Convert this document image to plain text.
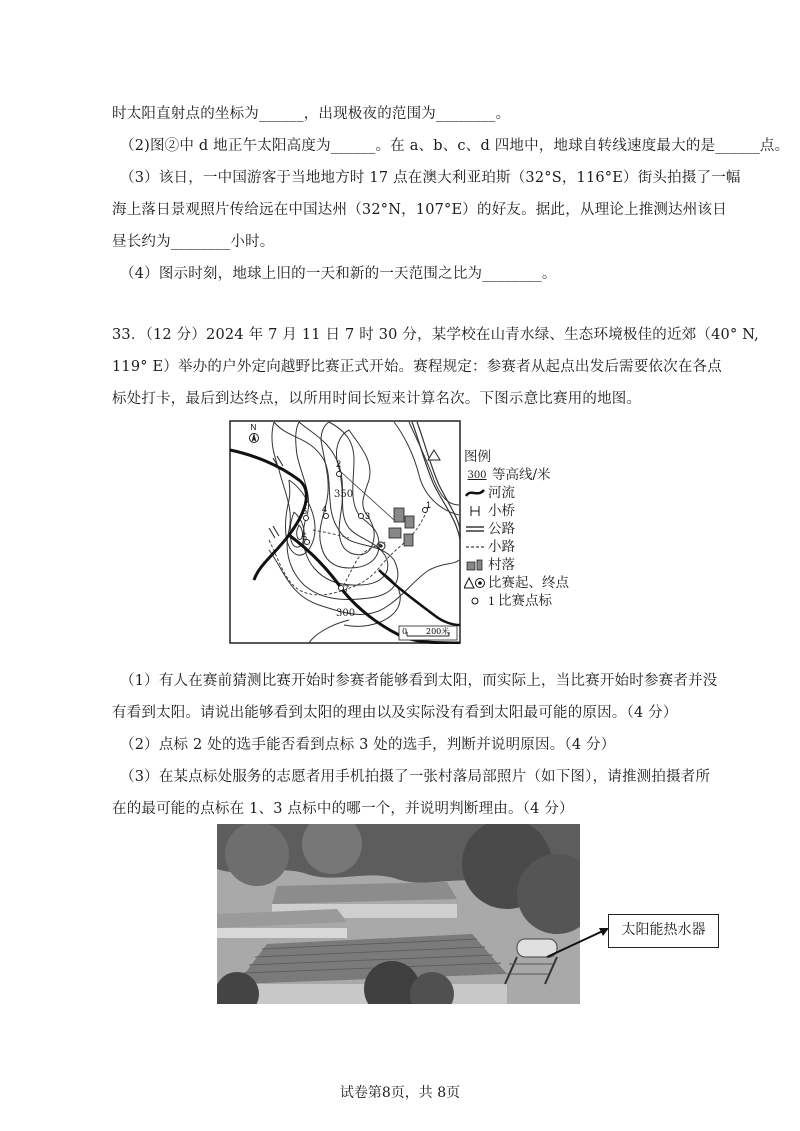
时太阳直射点的坐标为______，出现极夜的范围为________。
（2)图②中 d 地正午太阳高度为______。在 a、b、c、d 四地中，地球自转线速度最大的是______点。
（3）该日，一中国游客于当地地方时 17 点在澳大利亚珀斯（32°S，116°E）街头拍摄了一幅
海上落日景观照片传给远在中国达州（32°N，107°E）的好友。据此，从理论上推测达州该日
昼长约为________小时。
（4）图示时刻，地球上旧的一天和新的一天范围之比为________。
33．（12 分）2024 年 7 月 11 日 7 时 30 分，某学校在山青水绿、生态环境极佳的近郊（40° N,
119° E）举办的户外定向越野比赛正式开始。赛程规定：参赛者从起点出发后需要依次在各点
标处打卡，最后到达终点，以所用时间长短来计算名次。下图示意比赛用的地图。
N
350
300
1
2
3
4
5
6
7
0 200米
图例
300 等高线/米
河流
小桥
公路
小路
村落
比赛起、终点
1 比赛点标
（1）有人在赛前猜测比赛开始时参赛者能够看到太阳，而实际上，当比赛开始时参赛者并没
有看到太阳。请说出能够看到太阳的理由以及实际没有看到太阳最可能的原因。（4 分）
（2）点标 2 处的选手能否看到点标 3 处的选手，判断并说明原因。（4 分）
（3）在某点标处服务的志愿者用手机拍摄了一张村落局部照片（如下图），请推测拍摄者所
在的最可能的点标在 1、3 点标中的哪一个，并说明判断理由。（4 分）
太阳能热水器
试卷第8页，共 8页
